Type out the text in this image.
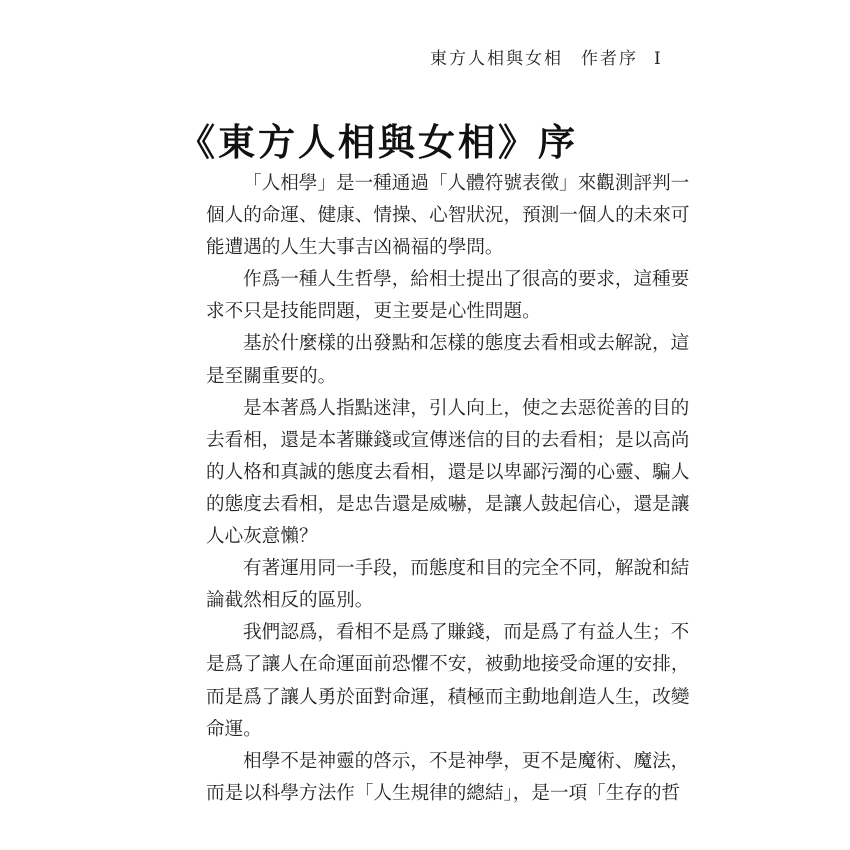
東方人相與女相 作者序 I
《東方人相與女相》序
「人相學」是一種通過「人體符號表徵」來觀測評判一
個人的命運、健康、情操、心智狀況，預測一個人的未來可
能遭遇的人生大事吉凶禍福的學問。
作爲一種人生哲學，給相士提出了很高的要求，這種要
求不只是技能問題，更主要是心性問題。
基於什麼樣的出發點和怎樣的態度去看相或去解說，這
是至關重要的。
是本著爲人指點迷津，引人向上，使之去惡從善的目的
去看相，還是本著賺錢或宣傳迷信的目的去看相；是以高尚
的人格和真誠的態度去看相，還是以卑鄙污濁的心靈、騙人
的態度去看相，是忠告還是威嚇，是讓人鼓起信心，還是讓
人心灰意懶？
有著運用同一手段，而態度和目的完全不同，解說和結
論截然相反的區別。
我們認爲，看相不是爲了賺錢，而是爲了有益人生；不
是爲了讓人在命運面前恐懼不安，被動地接受命運的安排，
而是爲了讓人勇於面對命運，積極而主動地創造人生，改變
命運。
相學不是神靈的啓示，不是神學，更不是魔術、魔法，
而是以科學方法作「人生規律的總結」，是一項「生存的哲
